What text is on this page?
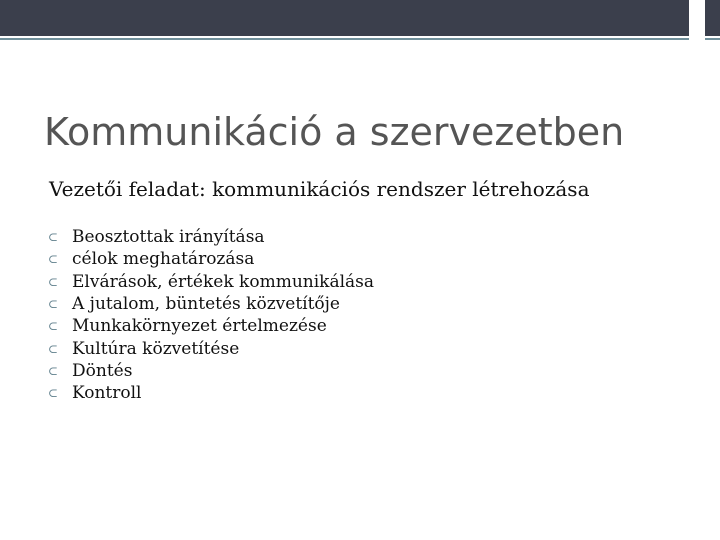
Kommunikáció a szervezetben
Vezetői feladat: kommunikációs rendszer létrehozása
⊂ Beosztottak irányítása
⊂ célok meghatározása
⊂ Elvárások, értékek kommunikálása
⊂ A jutalom, büntetés közvetítője
⊂ Munkakörnyezet értelmezése
⊂ Kultúra közvetítése
⊂ Döntés
⊂ Kontroll
